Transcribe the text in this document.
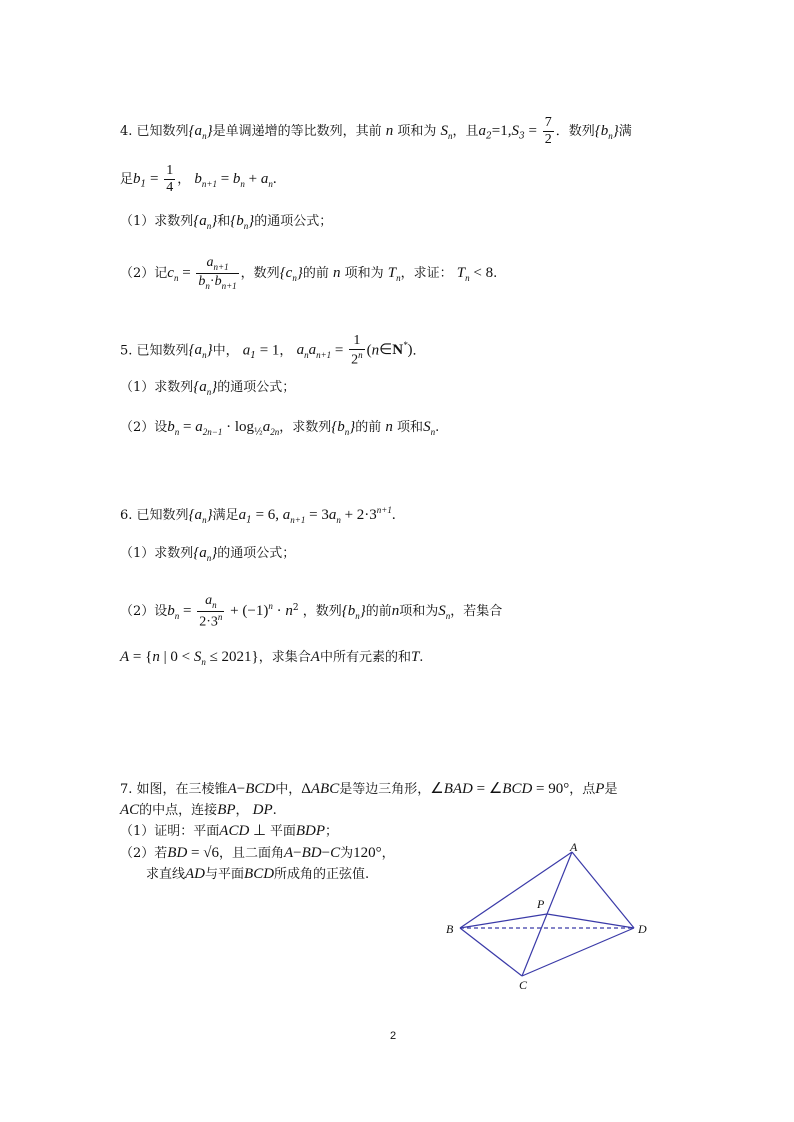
4. 已知数列$\{a_n\}$是单调递增的等比数列，其前 n 项和为 $S_n$，且$a_2=1,S_3 = \frac{7}{2}$ ．数列$\{b_n\}$满
足$b_1 = \frac{1}{4}$ ， $b_{n+1} = b_n + a_n$.
（1）求数列$\{a_n\}$和$\{b_n\}$的通项公式；
（2）记$c_n = \frac{a_{n+1}}{b_n\cdot b_{n+1}}$ ，数列$\{c_n\}$的前 n 项和为 $T_n$，求证： $T_n < 8$.
5. 已知数列$\{a_n\}$中， $a_1 = 1$， $a_na_{n+1} = \frac{1}{2^n}$ (n∈N*)．
（1）求数列$\{a_n\}$的通项公式；
（2）设$b_n = a_{2n-1} \cdot \log_{\frac{1}{2}}a_{2n}$，求数列$\{b_n\}$的前 n 项和$S_n$.
6. 已知数列$\{a_n\}$满足$a_1 = 6$, $a_{n+1} = 3a_n + 2\cdot 3^{n+1}$.
（1）求数列$\{a_n\}$的通项公式；
（2）设$b_n = \frac{a_n}{2\cdot 3^n} + (-1)^n \cdot n^2$ ，数列$\{b_n\}$的前n项和为$S_n$，若集合
A = {n | $0 < S_n \le 2021$}，求集合A中所有元素的和T.
7. 如图，在三棱锥A−BCD中，ΔABC是等边三角形，∠BAD = ∠BCD = 90°，点P是
AC的中点，连接BP， DP.
（1）证明：平面ACD ⊥ 平面BDP；
（2）若BD = √6，且二面角A−BD−C为120°，
求直线AD与平面BCD所成角的正弦值.
A
B
C
D
P
2
